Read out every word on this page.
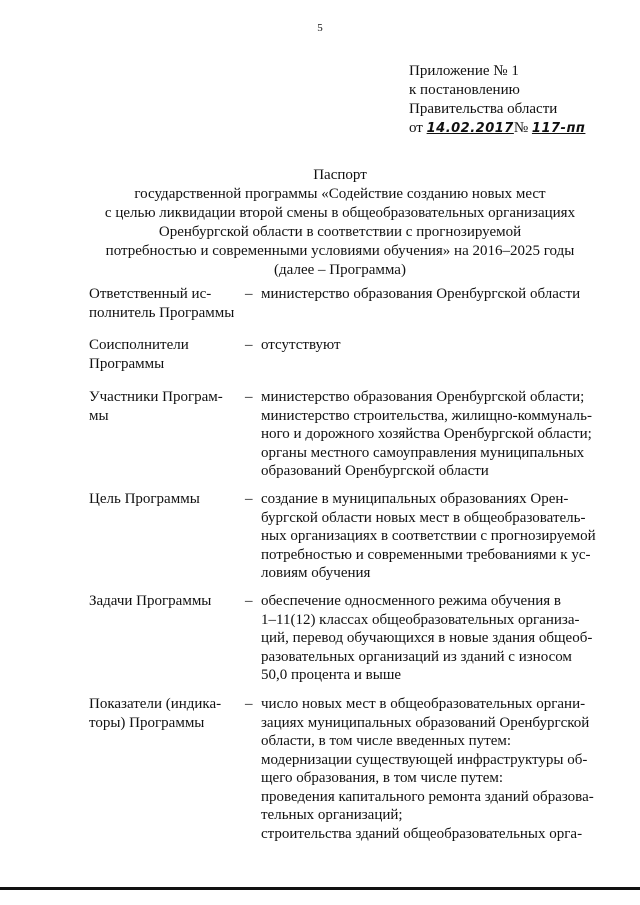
5
Приложение № 1
к постановлению
Правительства области
от 14.02.2017№ 117-пп
Паспорт
государственной программы «Содействие созданию новых мест
с целью ликвидации второй смены в общеобразовательных организациях
Оренбургской области в соответствии с прогнозируемой
потребностью и современными условиями обучения» на 2016–2025 годы
(далее – Программа)
Ответственный ис-
полнитель Программы
– министерство образования Оренбургской области
Соисполнители
Программы
– отсутствуют
Участники Програм-
мы
– министерство образования Оренбургской области;
министерство строительства, жилищно-коммуналь-
ного и дорожного хозяйства Оренбургской области;
органы местного самоуправления муниципальных
образований Оренбургской области
Цель Программы	– создание в муниципальных образованиях Орен-
бургской области новых мест в общеобразователь-
ных организациях в соответствии с прогнозируемой
потребностью и современными требованиями к ус-
ловиям обучения
Задачи Программы	– обеспечение односменного режима обучения в
1–11(12) классах общеобразовательных организа-
ций, перевод обучающихся в новые здания общеоб-
разовательных организаций из зданий с износом
50,0 процента и выше
Показатели (индика-
торы) Программы
– число новых мест в общеобразовательных органи-
зациях муниципальных образований Оренбургской
области, в том числе введенных путем:
модернизации существующей инфраструктуры об-
щего образования, в том числе путем:
проведения капитального ремонта зданий образова-
тельных организаций;
строительства зданий общеобразовательных орга-
